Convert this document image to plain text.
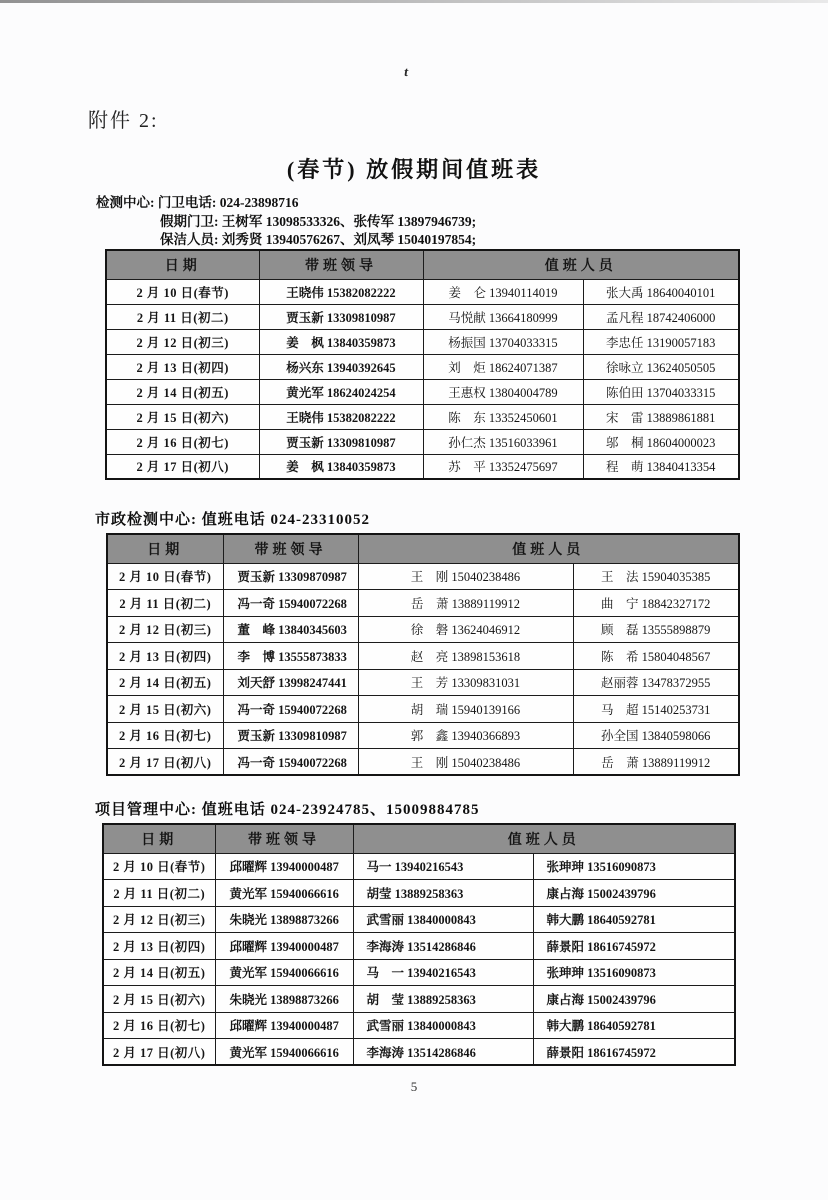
t
附件 2:
(春节) 放假期间值班表
检测中心: 门卫电话: 024-23898716
假期门卫: 王树军 13098533326、张传军 13897946739;
保洁人员: 刘秀贤 13940576267、刘凤琴 15040197854;
日期	带班领导	值班人员	
2 月 10 日(春节)	王晓伟 15382082222	姜　仑 13940114019	张大禹 18640040101
2 月 11 日(初二)	贾玉新 13309810987	马悦献 13664180999	孟凡程 18742406000
2 月 12 日(初三)	姜　枫 13840359873	杨振国 13704033315	李忠任 13190057183
2 月 13 日(初四)	杨兴东 13940392645	刘　炬 18624071387	徐咏立 13624050505
2 月 14 日(初五)	黄光军 18624024254	王惠权 13804004789	陈伯田 13704033315
2 月 15 日(初六)	王晓伟 15382082222	陈　东 13352450601	宋　雷 13889861881
2 月 16 日(初七)	贾玉新 13309810987	孙仁杰 13516033961	邬　桐 18604000023
2 月 17 日(初八)	姜　枫 13840359873	苏　平 13352475697	程　萌 13840413354
市政检测中心: 值班电话 024-23310052
日期	带班领导	值班人员	
2 月 10 日(春节)	贾玉新 13309870987	王　刚 15040238486	王　法 15904035385
2 月 11 日(初二)	冯一奇 15940072268	岳　萧 13889119912	曲　宁 18842327172
2 月 12 日(初三)	董　峰 13840345603	徐　磐 13624046912	顾　磊 13555898879
2 月 13 日(初四)	李　博 13555873833	赵　亮 13898153618	陈　希 15804048567
2 月 14 日(初五)	刘天舒 13998247441	王　芳 13309831031	赵丽蓉 13478372955
2 月 15 日(初六)	冯一奇 15940072268	胡　瑞 15940139166	马　超 15140253731
2 月 16 日(初七)	贾玉新 13309810987	郭　鑫 13940366893	孙全国 13840598066
2 月 17 日(初八)	冯一奇 15940072268	王　刚 15040238486	岳　萧 13889119912
项目管理中心: 值班电话 024-23924785、15009884785
日期	带班领导	值班人员	
2 月 10 日(春节)	邱曜辉 13940000487	马一 13940216543	张珅珅 13516090873
2 月 11 日(初二)	黄光军 15940066616	胡莹 13889258363	康占海 15002439796
2 月 12 日(初三)	朱晓光 13898873266	武雪丽 13840000843	韩大鹏 18640592781
2 月 13 日(初四)	邱曜辉 13940000487	李海涛 13514286846	薛景阳 18616745972
2 月 14 日(初五)	黄光军 15940066616	马　一 13940216543	张珅珅 13516090873
2 月 15 日(初六)	朱晓光 13898873266	胡　莹 13889258363	康占海 15002439796
2 月 16 日(初七)	邱曜辉 13940000487	武雪丽 13840000843	韩大鹏 18640592781
2 月 17 日(初八)	黄光军 15940066616	李海涛 13514286846	薛景阳 18616745972
5
